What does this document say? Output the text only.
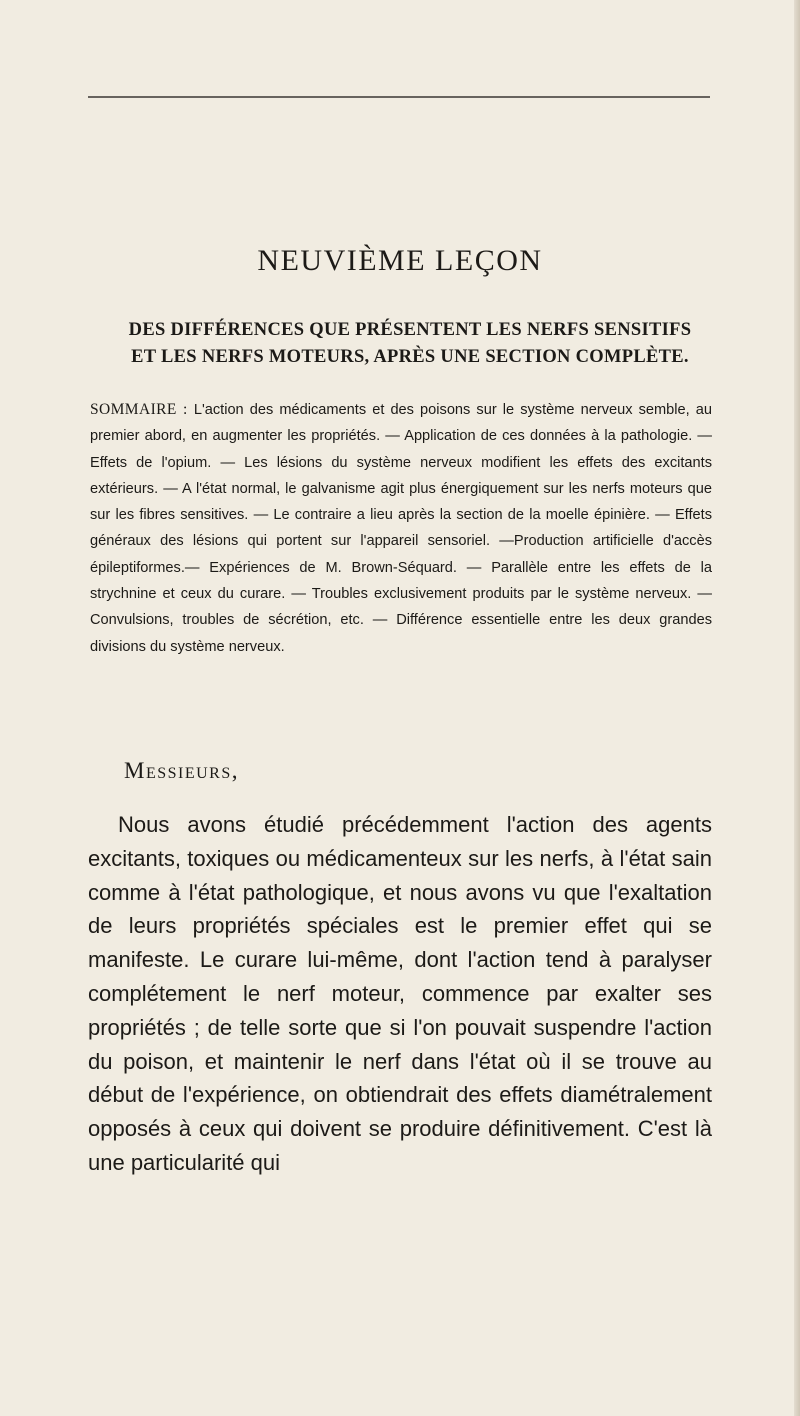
NEUVIÈME LEÇON
DES DIFFÉRENCES QUE PRÉSENTENT LES NERFS SENSITIFS
ET LES NERFS MOTEURS, APRÈS UNE SECTION COMPLÈTE.

SOMMAIRE : L'action des médicaments et des poisons sur le système nerveux semble, au premier abord, en augmenter les propriétés. — Application de ces données à la pathologie. — Effets de l'opium. — Les lésions du système nerveux modifient les effets des excitants extérieurs. — A l'état normal, le galvanisme agit plus énergiquement sur les nerfs moteurs que sur les fibres sensitives. — Le contraire a lieu après la section de la moelle épinière. — Effets généraux des lésions qui portent sur l'appareil sensoriel. —Production artificielle d'accès épileptiformes.— Expériences de M. Brown-Séquard. — Parallèle entre les effets de la strychnine et ceux du curare. — Troubles exclusivement produits par le système nerveux. — Convulsions, troubles de sécrétion, etc. — Différence essentielle entre les deux grandes divisions du système nerveux.

Messieurs,

Nous avons étudié précédemment l'action des agents excitants, toxiques ou médicamenteux sur les nerfs, à l'état sain comme à l'état pathologique, et nous avons vu que l'exaltation de leurs propriétés spéciales est le premier effet qui se manifeste. Le curare lui-même, dont l'action tend à paralyser complétement le nerf moteur, commence par exalter ses propriétés ; de telle sorte que si l'on pouvait suspendre l'action du poison, et maintenir le nerf dans l'état où il se trouve au début de l'expérience, on obtiendrait des effets diamétralement opposés à ceux qui doivent se produire définitivement. C'est là une particularité qui
